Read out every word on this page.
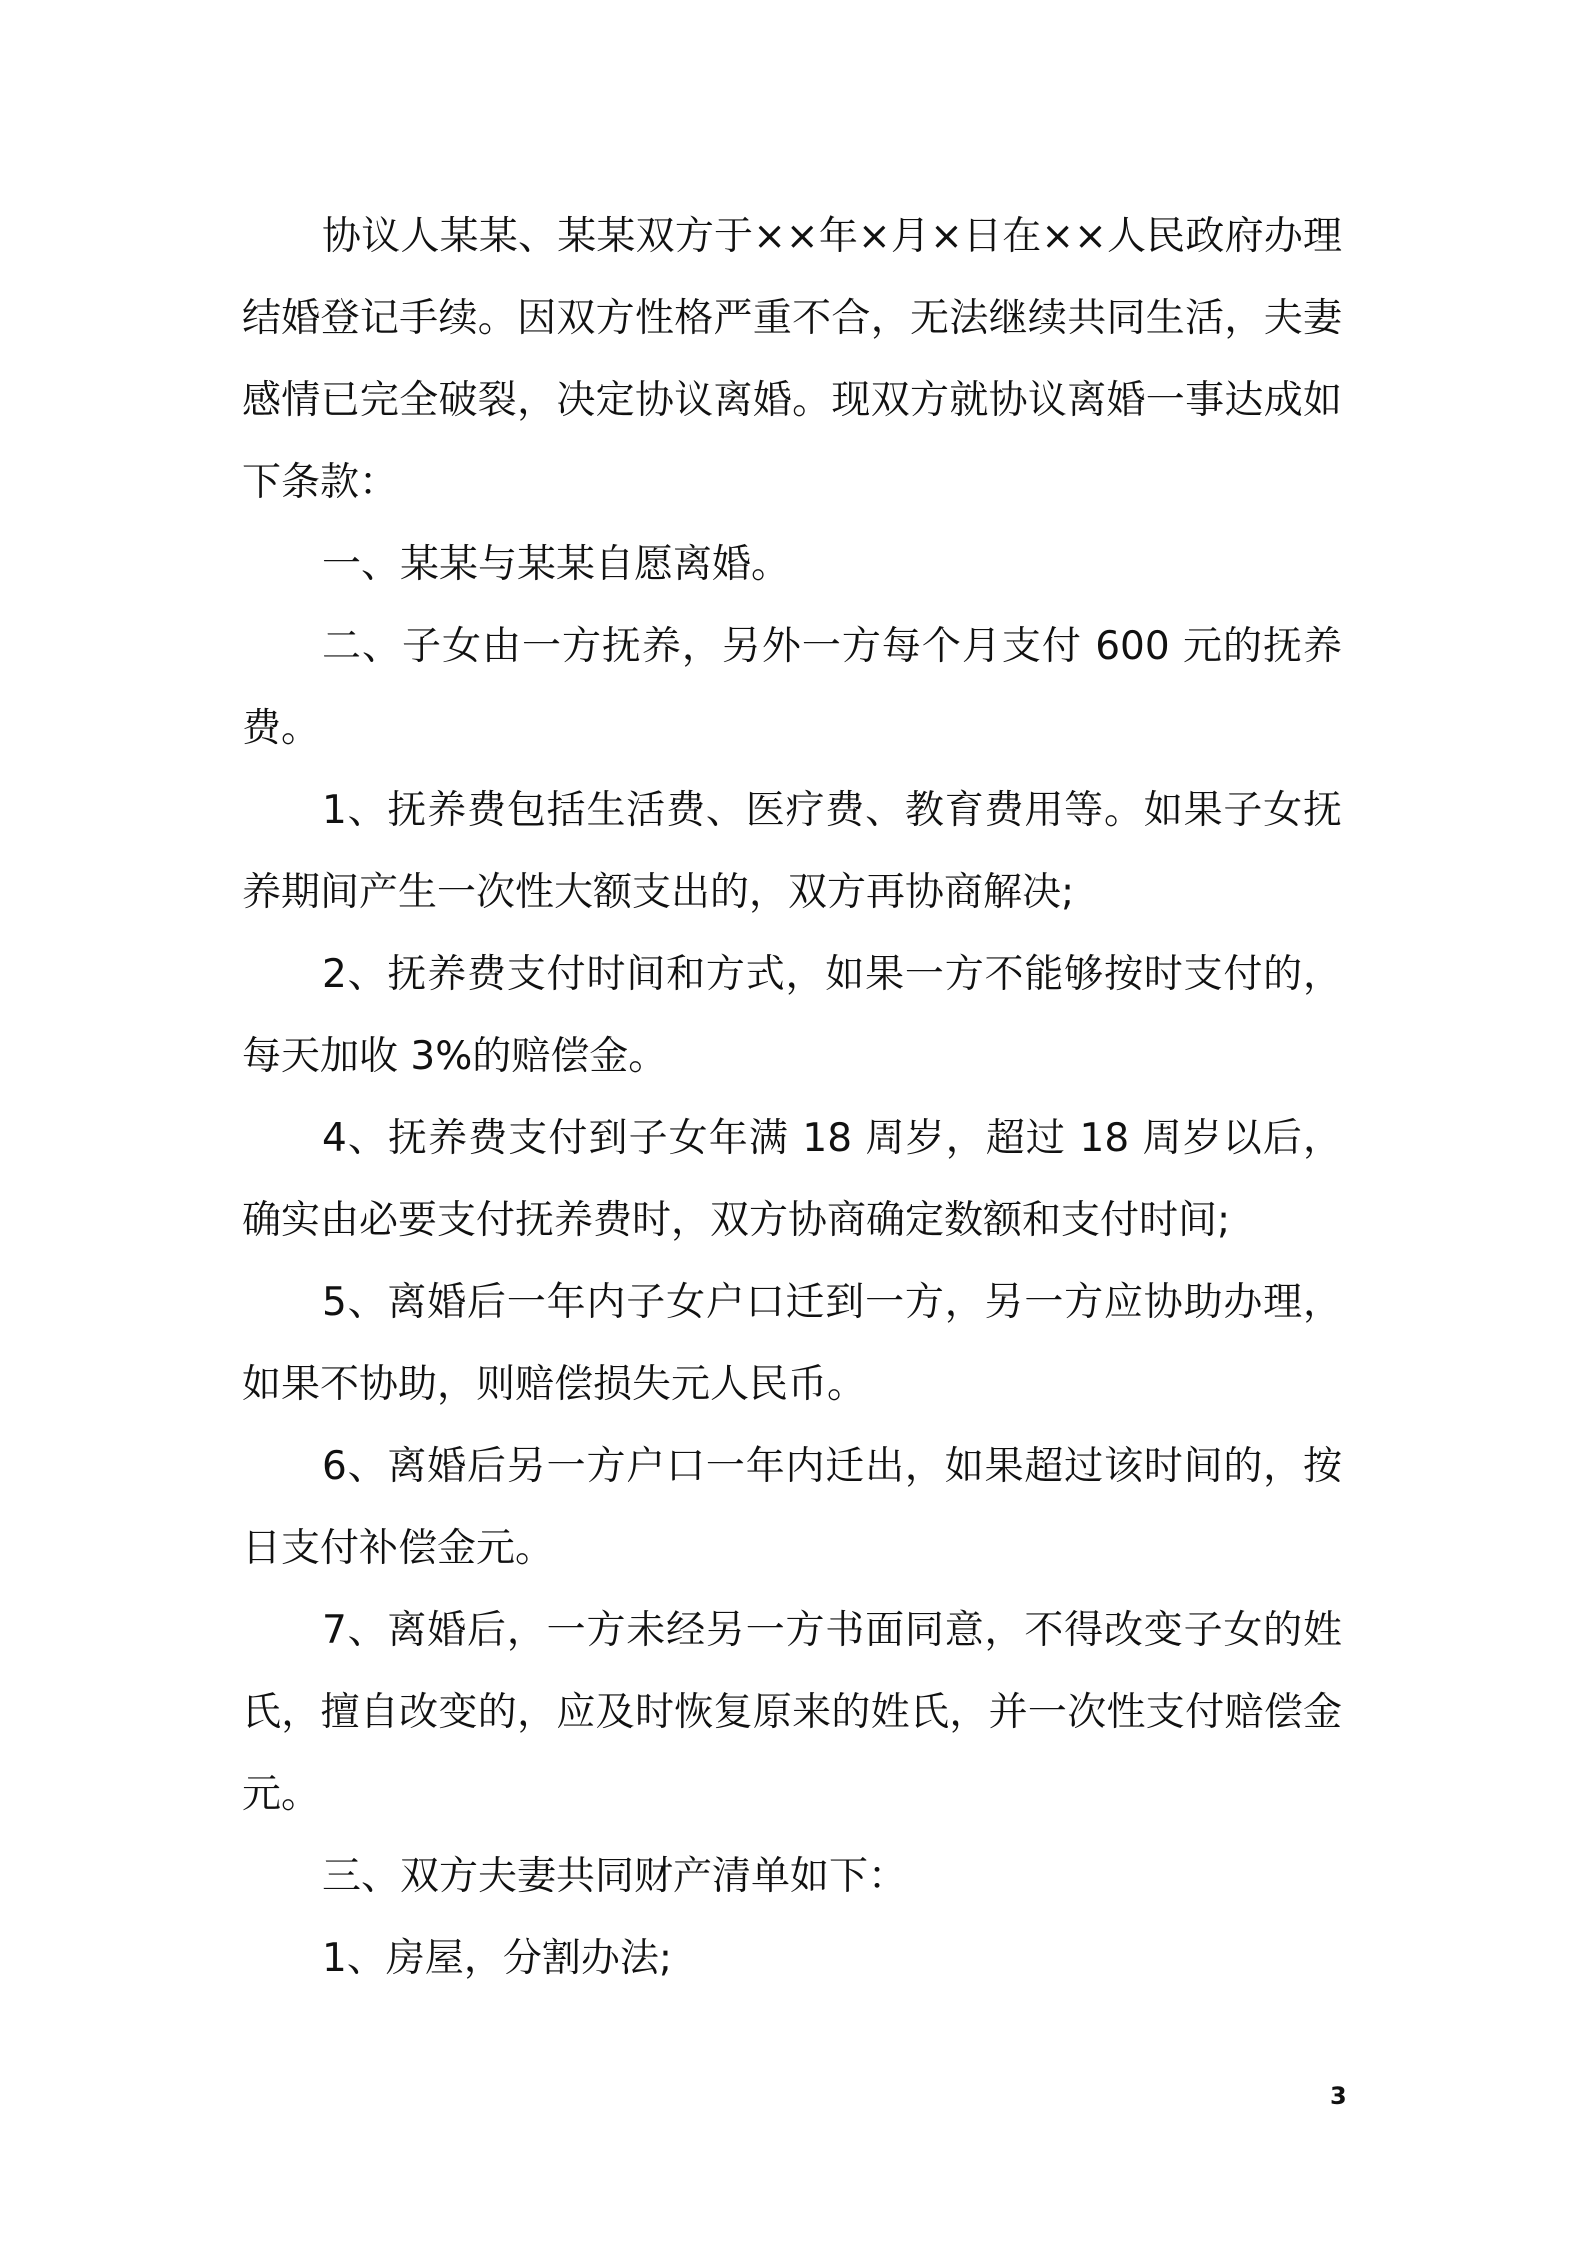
协议人某某、某某双方于××年×月×日在××人民政府办理结婚登记手续。因双方性格严重不合，无法继续共同生活，夫妻感情已完全破裂，决定协议离婚。现双方就协议离婚一事达成如下条款：

一、某某与某某自愿离婚。

二、子女由一方抚养，另外一方每个月支付 600 元的抚养费。

1、抚养费包括生活费、医疗费、教育费用等。如果子女抚养期间产生一次性大额支出的，双方再协商解决;

2、抚养费支付时间和方式，如果一方不能够按时支付的，每天加收 3%的赔偿金。

4、抚养费支付到子女年满 18 周岁，超过 18 周岁以后，确实由必要支付抚养费时，双方协商确定数额和支付时间;

5、离婚后一年内子女户口迁到一方，另一方应协助办理，如果不协助，则赔偿损失元人民币。

6、离婚后另一方户口一年内迁出，如果超过该时间的，按日支付补偿金元。

7、离婚后，一方未经另一方书面同意，不得改变子女的姓氏，擅自改变的，应及时恢复原来的姓氏，并一次性支付赔偿金元。

三、双方夫妻共同财产清单如下：

1、房屋，分割办法;

3
